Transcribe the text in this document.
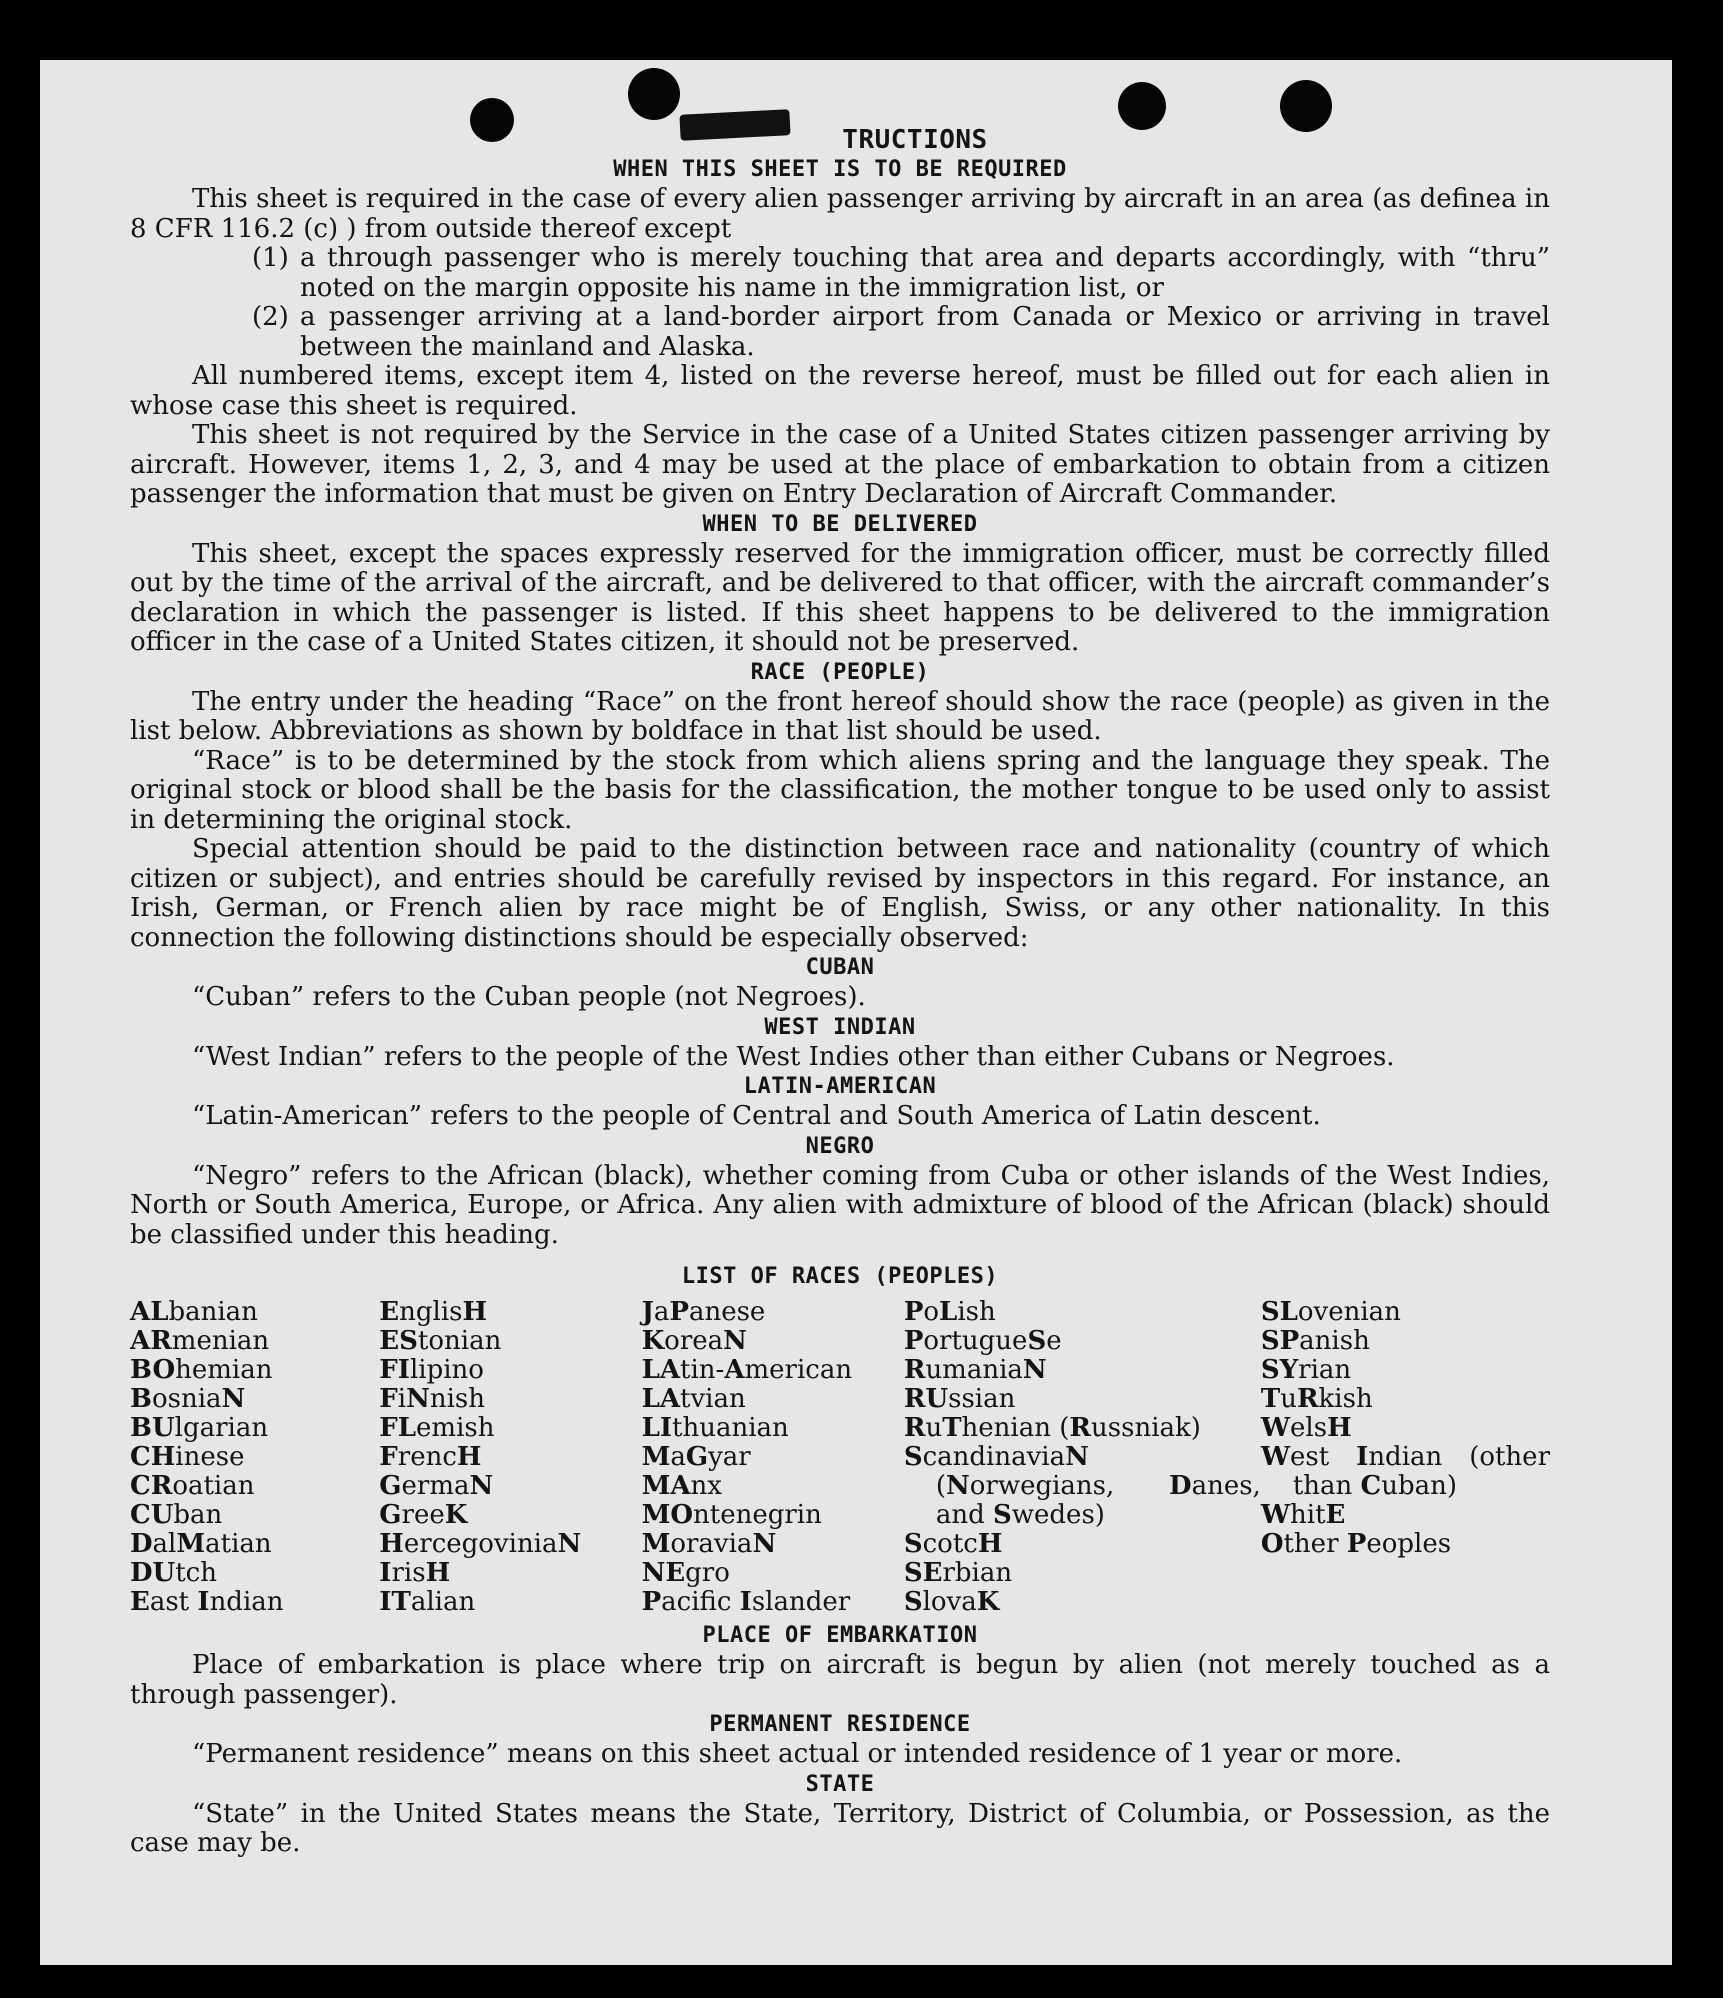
TRUCTIONS
WHEN THIS SHEET IS TO BE REQUIRED

This sheet is required in the case of every alien passenger arriving by aircraft in an area (as definea in 8 CFR 116.2 (c) ) from outside thereof except

(1) a through passenger who is merely touching that area and departs accordingly, with “thru” noted on the margin opposite his name in the immigration list, or
(2) a passenger arriving at a land-border airport from Canada or Mexico or arriving in travel between the mainland and Alaska.

All numbered items, except item 4, listed on the reverse hereof, must be filled out for each alien in whose case this sheet is required.

This sheet is not required by the Service in the case of a United States citizen passenger arriving by aircraft. However, items 1, 2, 3, and 4 may be used at the place of embarkation to obtain from a citizen passenger the information that must be given on Entry Declaration of Aircraft Commander.

WHEN TO BE DELIVERED

This sheet, except the spaces expressly reserved for the immigration officer, must be correctly filled out by the time of the arrival of the aircraft, and be delivered to that officer, with the aircraft commander’s declaration in which the passenger is listed. If this sheet happens to be delivered to the immigration officer in the case of a United States citizen, it should not be preserved.

RACE (PEOPLE)

The entry under the heading “Race” on the front hereof should show the race (people) as given in the list below. Abbreviations as shown by boldface in that list should be used.

“Race” is to be determined by the stock from which aliens spring and the language they speak. The original stock or blood shall be the basis for the classification, the mother tongue to be used only to assist in determining the original stock.

Special attention should be paid to the distinction between race and nationality (country of which citizen or subject), and entries should be carefully revised by inspectors in this regard. For instance, an Irish, German, or French alien by race might be of English, Swiss, or any other nationality. In this connection the following distinctions should be especially observed:

CUBAN

“Cuban” refers to the Cuban people (not Negroes).

WEST INDIAN

“West Indian” refers to the people of the West Indies other than either Cubans or Negroes.

LATIN-AMERICAN

“Latin-American” refers to the people of Central and South America of Latin descent.

NEGRO

“Negro” refers to the African (black), whether coming from Cuba or other islands of the West Indies, North or South America, Europe, or Africa. Any alien with admixture of blood of the African (black) should be classified under this heading.

LIST OF RACES (PEOPLES)
ALbanian
ARmenian
BOhemian
BosniaN
BUlgarian
CHinese
CRoatian
CUban
DalMatian
DUtch
East Indian
EnglisH
EStonian
FIlipino
FiNnish
FLemish
FrencH
GermaN
GreeK
HercegoviniaN
IrisH
ITalian
JaPanese
KoreaN
LAtin-American
LAtvian
LIthuanian
MaGyar
MAnx
MOntenegrin
MoraviaN
NEgro
Pacific Islander
PoLish
PortugueSe
RumaniaN
RUssian
RuThenian (Russniak)
ScandinaviaN (Norwegians, Danes, and Swedes)
ScotcH
SErbian
SlovaK
SLovenian
SPanish
SYrian
TuRkish
WelsH
West Indian (other than Cuban)
WhitE
Other Peoples
PLACE OF EMBARKATION

Place of embarkation is place where trip on aircraft is begun by alien (not merely touched as a through passenger).

PERMANENT RESIDENCE

“Permanent residence” means on this sheet actual or intended residence of 1 year or more.

STATE

“State” in the United States means the State, Territory, District of Columbia, or Possession, as the case may be.
